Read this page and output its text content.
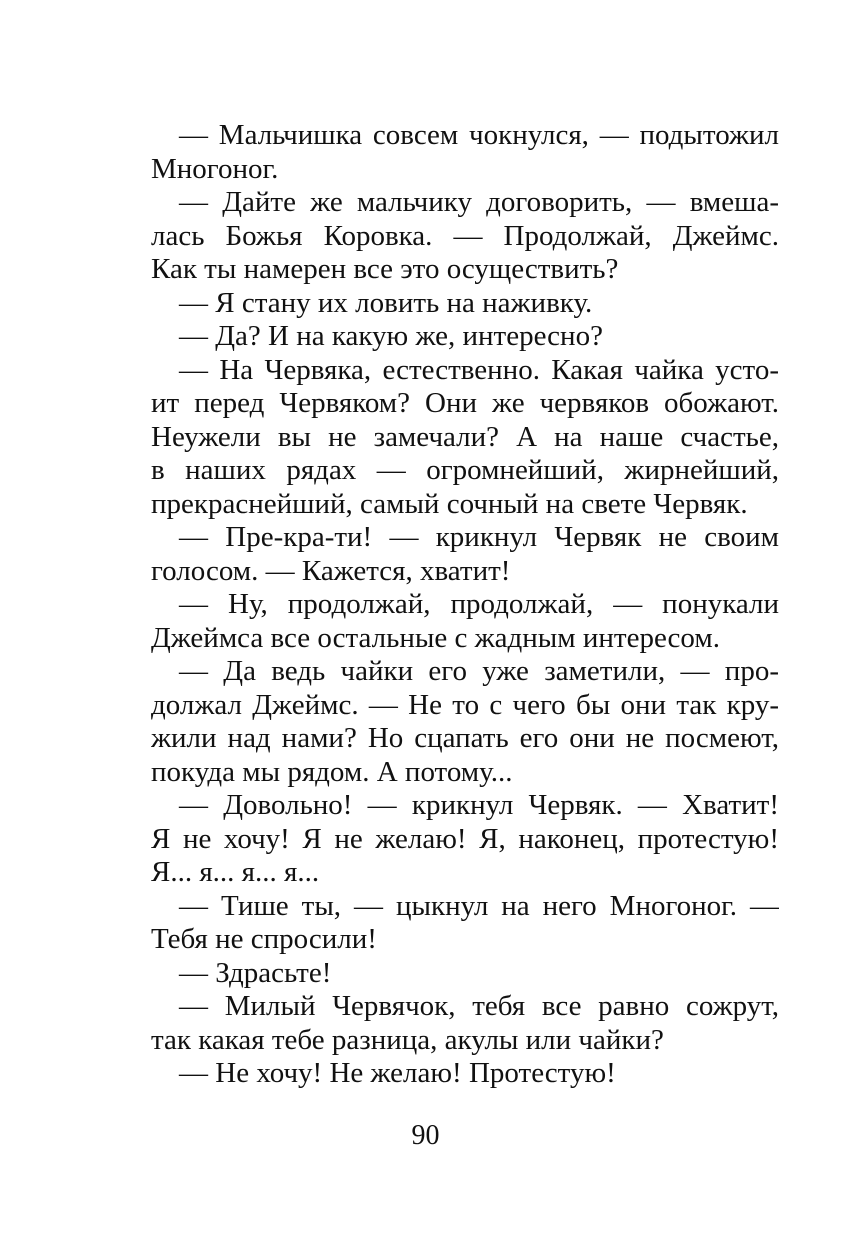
— Мальчишка совсем чокнулся, — подытожил
Многоног.
— Дайте же мальчику договорить, — вмеша-
лась Божья Коровка. — Продолжай, Джеймс.
Как ты намерен все это осуществить?
— Я стану их ловить на наживку.
— Да? И на какую же, интересно?
— На Червяка, естественно. Какая чайка усто-
ит перед Червяком? Они же червяков обожают.
Неужели вы не замечали? А на наше счастье,
в наших рядах — огромнейший, жирнейший,
прекраснейший, самый сочный на свете Червяк.
— Пре-кра-ти! — крикнул Червяк не своим
голосом. — Кажется, хватит!
— Ну, продолжай, продолжай, — понукали
Джеймса все остальные с жадным интересом.
— Да ведь чайки его уже заметили, — про-
должал Джеймс. — Не то с чего бы они так кру-
жили над нами? Но сцапать его они не посмеют,
покуда мы рядом. А потому...
— Довольно! — крикнул Червяк. — Хватит!
Я не хочу! Я не желаю! Я, наконец, протестую!
Я... я... я... я...
— Тише ты, — цыкнул на него Многоног. —
Тебя не спросили!
— Здрасьте!
— Милый Червячок, тебя все равно сожрут,
так какая тебе разница, акулы или чайки?
— Не хочу! Не желаю! Протестую!
90
